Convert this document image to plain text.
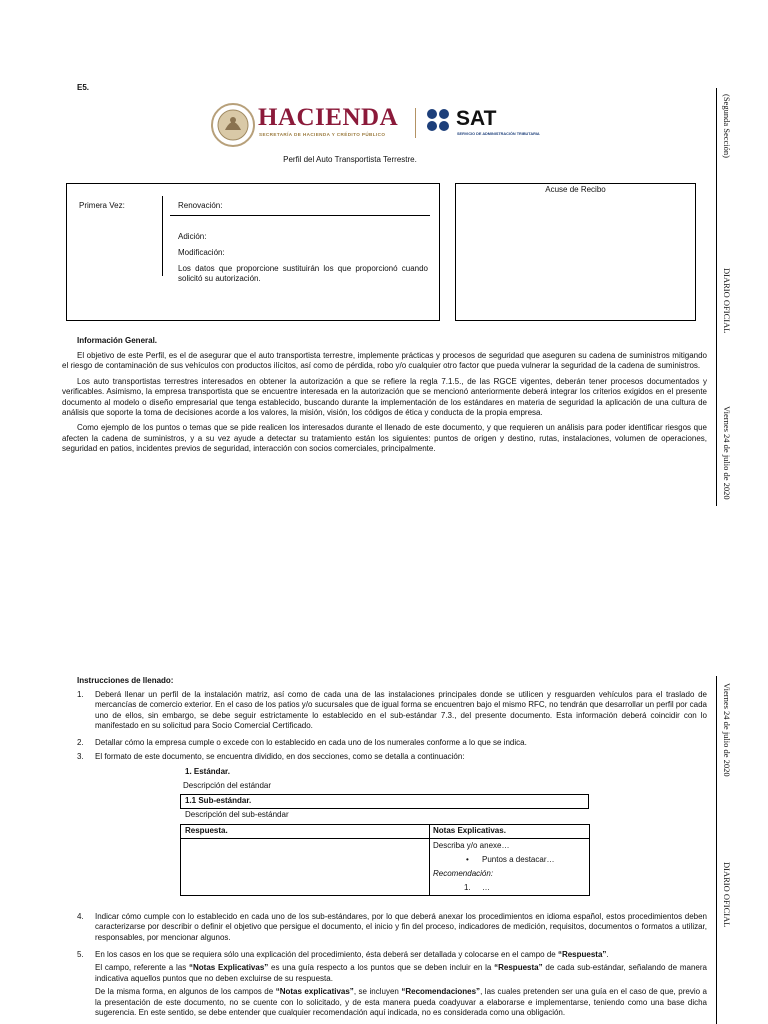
E5.
HACIENDA
SECRETARÍA DE HACIENDA Y CRÉDITO PÚBLICO
SAT
SERVICIO DE ADMINISTRACIÓN TRIBUTARIA
Perfil del Auto Transportista Terrestre.
Primera Vez:	Renovación:
Adición:
Modificación:
Los datos que proporcione sustituirán los que proporcionó cuando solicitó su autorización.
Acuse de Recibo
Información General.

El objetivo de este Perfil, es el de asegurar que el auto transportista terrestre, implemente prácticas y procesos de seguridad que aseguren su cadena de suministros mitigando el riesgo de contaminación de sus vehículos con productos ilícitos, así como de pérdida, robo y/o cualquier otro factor que pueda vulnerar la seguridad de la cadena de suministros.

Los auto transportistas terrestres interesados en obtener la autorización a que se refiere la regla 7.1.5., de las RGCE vigentes, deberán tener procesos documentados y verificables. Asimismo, la empresa transportista que se encuentre interesada en la autorización que se mencionó anteriormente deberá integrar los criterios exigidos en el presente documento al modelo o diseño empresarial que tenga establecido, buscando durante la implementación de los estándares en materia de seguridad la aplicación de una cultura de análisis que soporte la toma de decisiones acorde a los valores, la misión, visión, los códigos de ética y conducta de la propia empresa.

Como ejemplo de los puntos o temas que se pide realicen los interesados durante el llenado de este documento, y que requieren un análisis para poder identificar riesgos que afecten la cadena de suministros, y a su vez ayude a detectar su tratamiento están los siguientes: puntos de origen y destino, rutas, instalaciones, volumen de operaciones, seguridad en patios, incidentes previos de seguridad, interacción con socios comerciales, principalmente.

(Segunda Sección)
DIARIO OFICIAL
Viernes 24 de julio de 2020
Viernes 24 de julio de 2020
DIARIO OFICIAL
Instrucciones de llenado:
1. Deberá llenar un perfil de la instalación matriz, así como de cada una de las instalaciones principales donde se utilicen y resguarden vehículos para el traslado de mercancías de comercio exterior. En el caso de los patios y/o sucursales que de igual forma se encuentren bajo el mismo RFC, no tendrán que desarrollar un perfil por cada uno de ellos, sin embargo, se debe seguir estrictamente lo establecido en el sub-estándar 7.3., del presente documento. Esta información deberá coincidir con lo manifestado en su solicitud para Socio Comercial Certificado.
2. Detallar cómo la empresa cumple o excede con lo establecido en cada uno de los numerales conforme a lo que se indica.
3. El formato de este documento, se encuentra dividido, en dos secciones, como se detalla a continuación:
1. Estándar.
Descripción del estándar
1.1 Sub-estándar.
Descripción del sub-estándar
Respuesta.	Notas Explicativas.
Describa y/o anexe…
• Puntos a destacar…
Recomendación:
1. …
4. Indicar cómo cumple con lo establecido en cada uno de los sub-estándares, por lo que deberá anexar los procedimientos en idioma español, estos procedimientos deben caracterizarse por describir o definir el objetivo que persigue el documento, el inicio y fin del proceso, indicadores de medición, requisitos, documentos o formatos a utilizar, responsables, por mencionar algunos.
5. En los casos en los que se requiera sólo una explicación del procedimiento, ésta deberá ser detallada y colocarse en el campo de “Respuesta”.

El campo, referente a las “Notas Explicativas” es una guía respecto a los puntos que se deben incluir en la “Respuesta” de cada sub-estándar, señalando de manera indicativa aquellos puntos que no deben excluirse de su respuesta.

De la misma forma, en algunos de los campos de “Notas explicativas”, se incluyen “Recomendaciones”, las cuales pretenden ser una guía en el caso de que, previo a la presentación de este documento, no se cuente con lo solicitado, y de esta manera pueda coadyuvar a elaborarse e implementarse, teniendo como una base dicha sugerencia. En este sentido, se debe entender que cualquier recomendación aquí indicada, no es considerada como una obligación.
